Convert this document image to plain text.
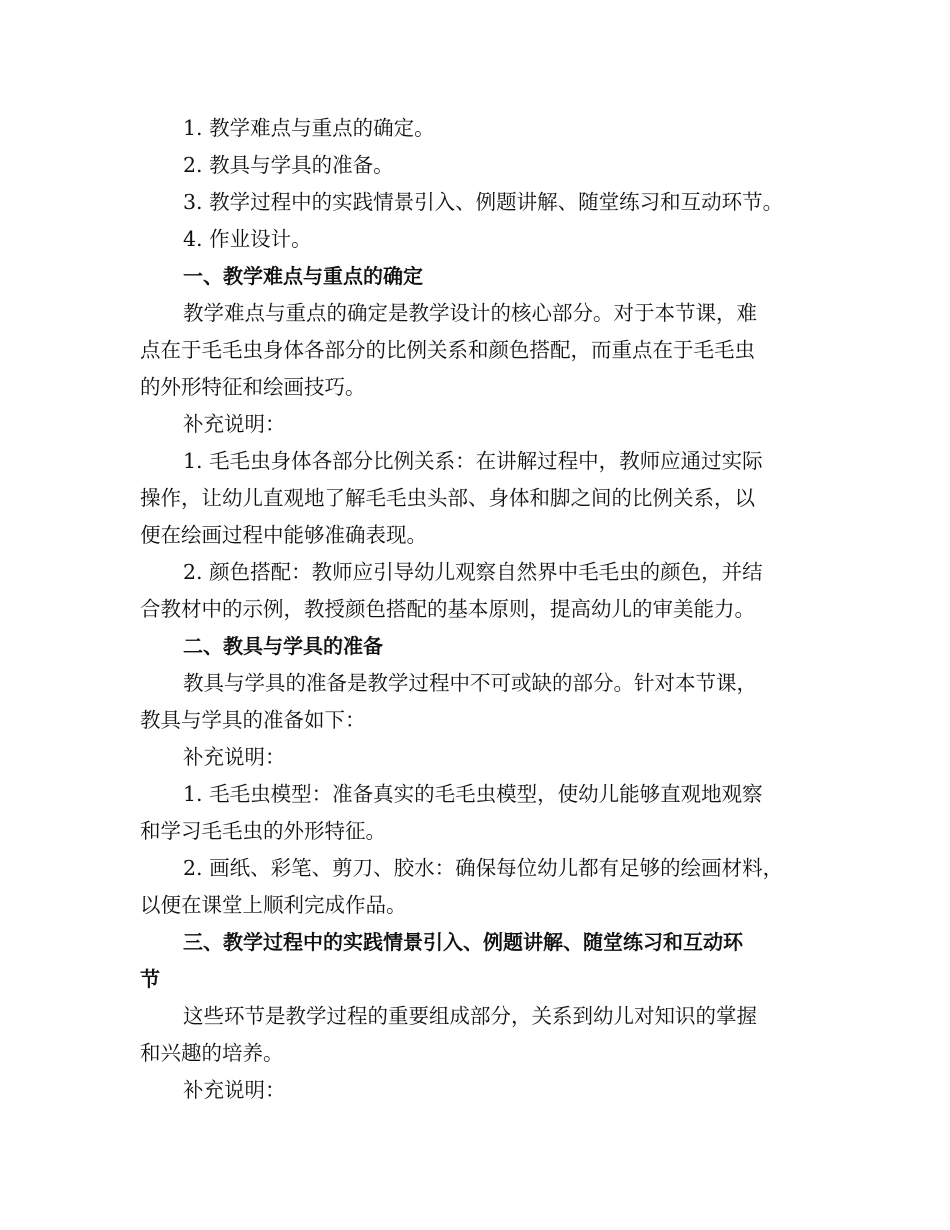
1. 教学难点与重点的确定。
2. 教具与学具的准备。
3. 教学过程中的实践情景引入、例题讲解、随堂练习和互动环节。
4. 作业设计。
一、教学难点与重点的确定
教学难点与重点的确定是教学设计的核心部分。对于本节课，难
点在于毛毛虫身体各部分的比例关系和颜色搭配，而重点在于毛毛虫
的外形特征和绘画技巧。
补充说明：
1. 毛毛虫身体各部分比例关系：在讲解过程中，教师应通过实际
操作，让幼儿直观地了解毛毛虫头部、身体和脚之间的比例关系，以
便在绘画过程中能够准确表现。
2. 颜色搭配：教师应引导幼儿观察自然界中毛毛虫的颜色，并结
合教材中的示例，教授颜色搭配的基本原则，提高幼儿的审美能力。
二、教具与学具的准备
教具与学具的准备是教学过程中不可或缺的部分。针对本节课，
教具与学具的准备如下：
补充说明：
1. 毛毛虫模型：准备真实的毛毛虫模型，使幼儿能够直观地观察
和学习毛毛虫的外形特征。
2. 画纸、彩笔、剪刀、胶水：确保每位幼儿都有足够的绘画材料，
以便在课堂上顺利完成作品。
三、教学过程中的实践情景引入、例题讲解、随堂练习和互动环
节
这些环节是教学过程的重要组成部分，关系到幼儿对知识的掌握
和兴趣的培养。
补充说明：
